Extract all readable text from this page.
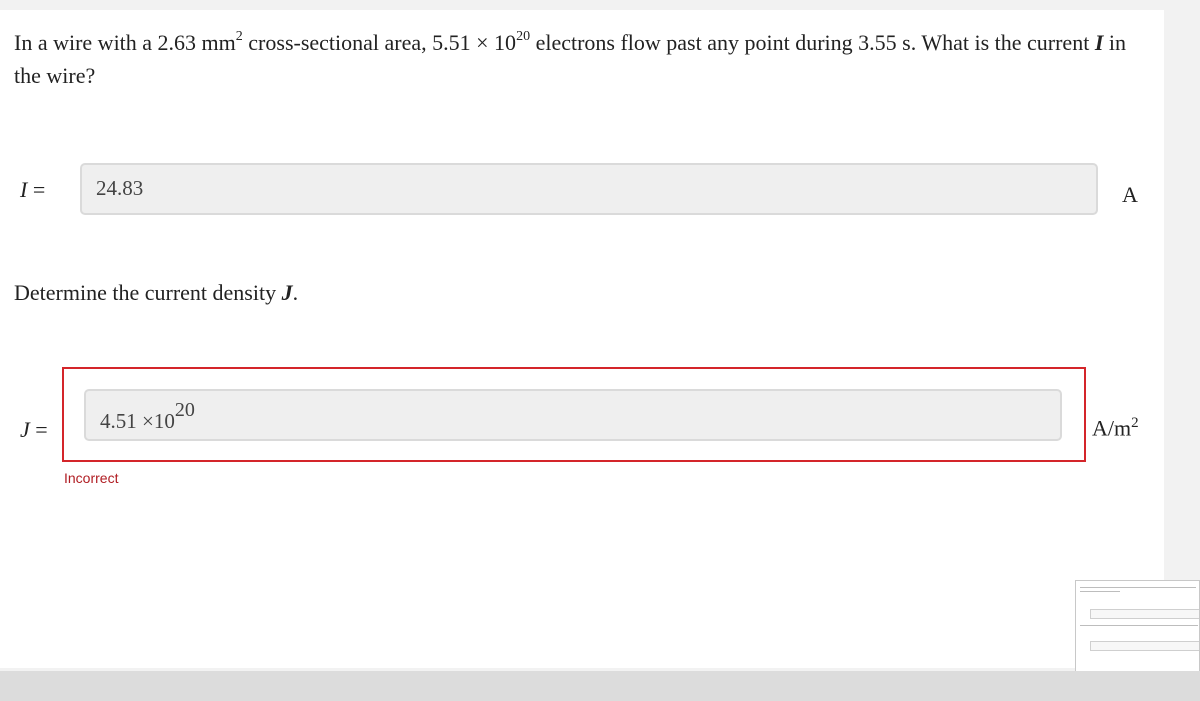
In a wire with a 2.63 $mm^2$ cross-sectional area, $5.51 \times 10^{20}$ electrons flow past any point during 3.55 s. What is the current I in the wire?

I =	24.83	A

Determine the current density J.

J =	$4.51 \times 10^{20}$
$A/m^2$
Incorrect
